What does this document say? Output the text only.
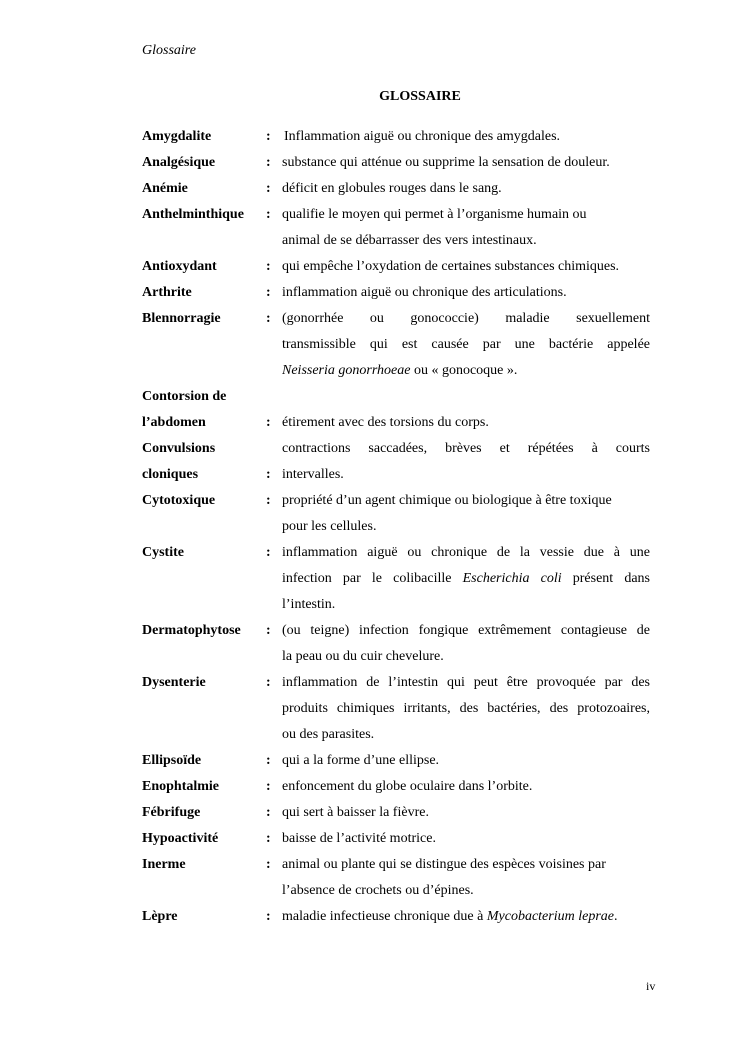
Glossaire
GLOSSAIRE
Amygdalite	: Inflammation aiguë ou chronique des amygdales.
Analgésique	: substance qui atténue ou supprime la sensation de douleur.
Anémie	: déficit en globules rouges dans le sang.
Anthelminthique	: qualifie le moyen qui permet à l’organisme humain ou
animal de se débarrasser des vers intestinaux.
Antioxydant	: qui empêche l’oxydation de certaines substances chimiques.
Arthrite	: inflammation aiguë ou chronique des articulations.
Blennorragie	: (gonorrhée ou gonococcie) maladie sexuellement
transmissible qui est causée par une bactérie appelée
Neisseria gonorrhoeae ou « gonocoque ».
Contorsion de
l’abdomen	: étirement avec des torsions du corps.
Convulsions
cloniques	:
contractions saccadées, brèves et répétées à courts
intervalles.
Cytotoxique	: propriété d’un agent chimique ou biologique à être toxique
pour les cellules.
Cystite	: inflammation aiguë ou chronique de la vessie due à une
infection par le colibacille Escherichia coli présent dans
l’intestin.
Dermatophytose	: (ou teigne) infection fongique extrêmement contagieuse de
la peau ou du cuir chevelure.
Dysenterie	: inflammation de l’intestin qui peut être provoquée par des
produits chimiques irritants, des bactéries, des protozoaires,
ou des parasites.
Ellipsoïde	: qui a la forme d’une ellipse.
Enophtalmie	: enfoncement du globe oculaire dans l’orbite.
Fébrifuge	: qui sert à baisser la fièvre.
Hypoactivité	: baisse de l’activité motrice.
Inerme	: animal ou plante qui se distingue des espèces voisines par
l’absence de crochets ou d’épines.
Lèpre	: maladie infectieuse chronique due à Mycobacterium leprae.
iv
